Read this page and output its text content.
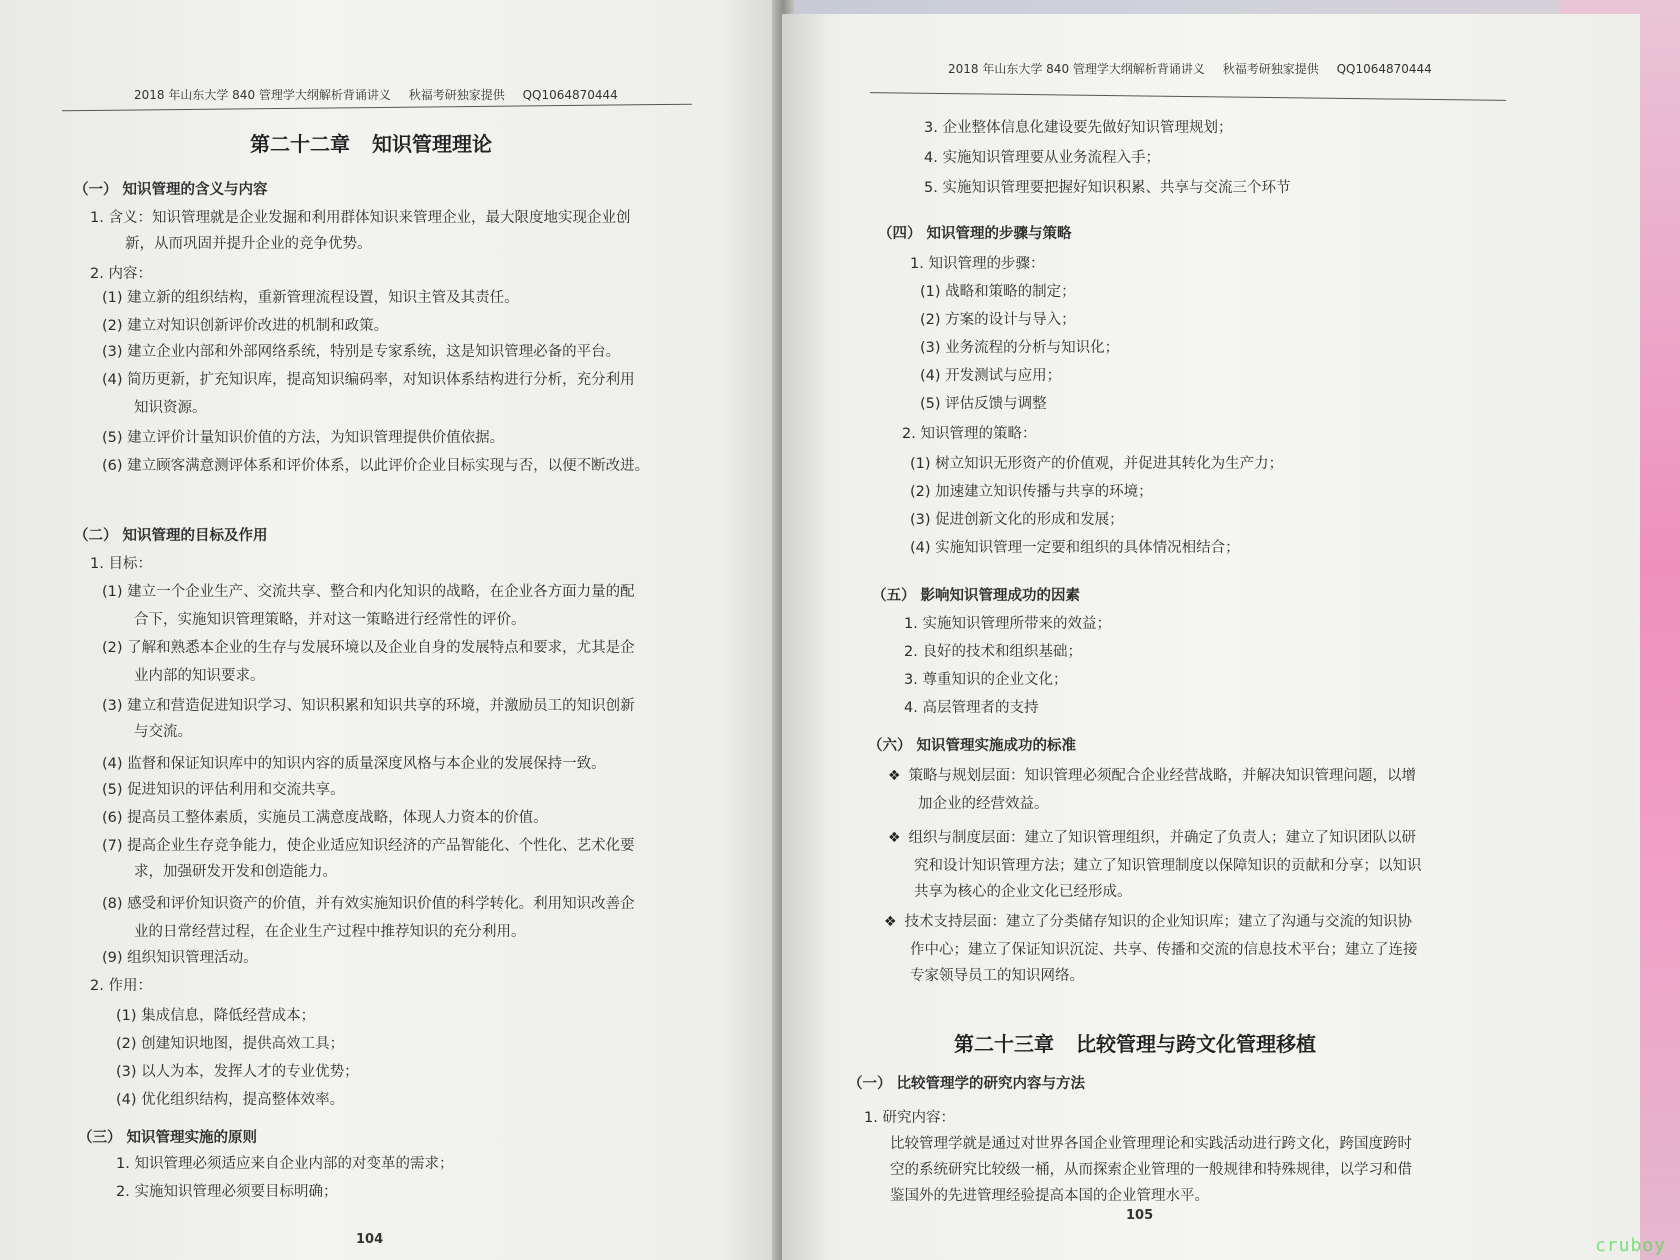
2018 年山东大学 840 管理学大纲解析背诵讲义 秋福考研独家提供 QQ1064870444
第二十二章 知识管理理论
（一） 知识管理的含义与内容
1. 含义：知识管理就是企业发掘和利用群体知识来管理企业，最大限度地实现企业创
新，从而巩固并提升企业的竞争优势。
2. 内容：
(1) 建立新的组织结构，重新管理流程设置，知识主管及其责任。
(2) 建立对知识创新评价改进的机制和政策。
(3) 建立企业内部和外部网络系统，特别是专家系统，这是知识管理必备的平台。
(4) 简历更新，扩充知识库，提高知识编码率，对知识体系结构进行分析，充分利用
知识资源。
(5) 建立评价计量知识价值的方法，为知识管理提供价值依据。
(6) 建立顾客满意测评体系和评价体系，以此评价企业目标实现与否，以便不断改进。
（二） 知识管理的目标及作用
1. 目标：
(1) 建立一个企业生产、交流共享、整合和内化知识的战略，在企业各方面力量的配
合下，实施知识管理策略，并对这一策略进行经常性的评价。
(2) 了解和熟悉本企业的生存与发展环境以及企业自身的发展特点和要求，尤其是企
业内部的知识要求。
(3) 建立和营造促进知识学习、知识积累和知识共享的环境，并激励员工的知识创新
与交流。
(4) 监督和保证知识库中的知识内容的质量深度风格与本企业的发展保持一致。
(5) 促进知识的评估利用和交流共享。
(6) 提高员工整体素质，实施员工满意度战略，体现人力资本的价值。
(7) 提高企业生存竞争能力，使企业适应知识经济的产品智能化、个性化、艺术化要
求，加强研发开发和创造能力。
(8) 感受和评价知识资产的价值，并有效实施知识价值的科学转化。利用知识改善企
业的日常经营过程，在企业生产过程中推荐知识的充分利用。
(9) 组织知识管理活动。
2. 作用：
(1) 集成信息，降低经营成本；
(2) 创建知识地图，提供高效工具；
(3) 以人为本，发挥人才的专业优势；
(4) 优化组织结构，提高整体效率。
（三） 知识管理实施的原则
1. 知识管理必须适应来自企业内部的对变革的需求；
2. 实施知识管理必须要目标明确；
104
2018 年山东大学 840 管理学大纲解析背诵讲义 秋福考研独家提供 QQ1064870444
3. 企业整体信息化建设要先做好知识管理规划；
4. 实施知识管理要从业务流程入手；
5. 实施知识管理要把握好知识积累、共享与交流三个环节
（四） 知识管理的步骤与策略
1. 知识管理的步骤：
(1) 战略和策略的制定；
(2) 方案的设计与导入；
(3) 业务流程的分析与知识化；
(4) 开发测试与应用；
(5) 评估反馈与调整
2. 知识管理的策略：
(1) 树立知识无形资产的价值观，并促进其转化为生产力；
(2) 加速建立知识传播与共享的环境；
(3) 促进创新文化的形成和发展；
(4) 实施知识管理一定要和组织的具体情况相结合；
（五） 影响知识管理成功的因素
1. 实施知识管理所带来的效益；
2. 良好的技术和组织基础；
3. 尊重知识的企业文化；
4. 高层管理者的支持
（六） 知识管理实施成功的标准
❖ 策略与规划层面：知识管理必须配合企业经营战略，并解决知识管理问题，以增
加企业的经营效益。
❖ 组织与制度层面：建立了知识管理组织，并确定了负责人；建立了知识团队以研
究和设计知识管理方法；建立了知识管理制度以保障知识的贡献和分享；以知识
共享为核心的企业文化已经形成。
❖ 技术支持层面：建立了分类储存知识的企业知识库；建立了沟通与交流的知识协
作中心；建立了保证知识沉淀、共享、传播和交流的信息技术平台；建立了连接
专家领导员工的知识网络。
第二十三章 比较管理与跨文化管理移植
（一） 比较管理学的研究内容与方法
1. 研究内容：
比较管理学就是通过对世界各国企业管理理论和实践活动进行跨文化，跨国度跨时
空的系统研究比较级一桶，从而探索企业管理的一般规律和特殊规律，以学习和借
鉴国外的先进管理经验提高本国的企业管理水平。
105
cruboy
